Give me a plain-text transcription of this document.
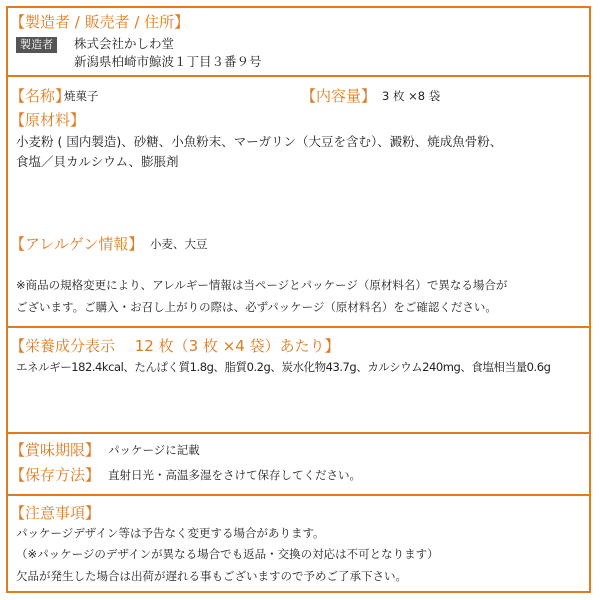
【製造者 / 販売者 / 住所】
製造者	株式会社かしわ堂
新潟県柏崎市鯨波１丁目３番９号
【名称】
焼菓子	【内容量】 3 枚 ×8 袋
【原材料】
小麦粉 ( 国内製造)、砂糖、小魚粉末、マーガリン（大豆を含む）、澱粉、焼成魚骨粉、
食塩／貝カルシウム、膨脹剤
【アレルゲン情報】 小麦、大豆
※商品の規格変更により、アレルギー情報は当ページとパッケージ（原材料名）で異なる場合が
ございます。ご購入・お召し上がりの際は、必ずパッケージ（原材料名）をご確認ください。
【栄養成分表示　 12 枚（3 枚 ×4 袋）あたり】
エネルギー182.4kcal、たんぱく質1.8g、脂質0.2g、炭水化物43.7g、カルシウム240mg、食塩相当量0.6g
【賞味期限】 パッケージに記載
【保存方法】 直射日光・高温多湿をさけて保存してください。
【注意事項】
パッケージデザイン等は予告なく変更する場合があります。
（※パッケージのデザインが異なる場合でも返品・交換の対応は不可となります）
欠品が発生した場合は出荷が遅れる事もございますので予めご了承下さい。
